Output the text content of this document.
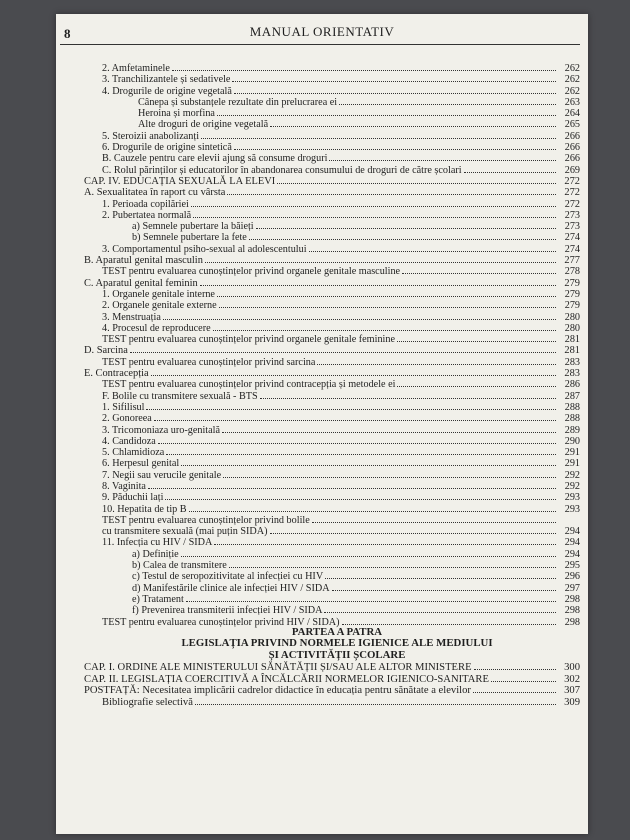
8	MANUAL ORIENTATIV
2. Amfetaminele	262
3. Tranchilizantele și sedativele	262
4. Drogurile de origine vegetală	262
Cânepa și substanțele rezultate din prelucrarea ei	263
Heroina și morfina	264
Alte droguri de origine vegetală	265
5. Steroizii anabolizanți	266
6. Drogurile de origine sintetică	266
B. Cauzele pentru care elevii ajung să consume droguri	266
C. Rolul părinților și educatorilor în abandonarea consumului de droguri de către școlari	269
CAP. IV. EDUCAȚIA SEXUALĂ LA ELEVI	272
A. Sexualitatea în raport cu vârsta	272
1. Perioada copilăriei	272
2. Pubertatea normală	273
a) Semnele pubertare la băieți	273
b) Semnele pubertare la fete	274
3. Comportamentul psiho-sexual al adolescentului	274
B. Aparatul genital masculin	277
TEST pentru evaluarea cunoștințelor privind organele genitale masculine	278
C. Aparatul genital feminin	279
1. Organele genitale interne	279
2. Organele genitale externe	279
3. Menstruația	280
4. Procesul de reproducere	280
TEST pentru evaluarea cunoștințelor privind organele genitale feminine	281
D. Sarcina	281
TEST pentru evaluarea cunoștințelor privind sarcina	283
E. Contracepția	283
TEST pentru evaluarea cunoștințelor privind contracepția și metodele ei	286
F. Bolile cu transmitere sexuală - BTS	287
1. Sifilisul	288
2. Gonoreea	288
3. Tricomoniaza uro-genitală	289
4. Candidoza	290
5. Chlamidioza	291
6. Herpesul genital	291
7. Negii sau verucile genitale	292
8. Vaginita	292
9. Păduchii lați	293
10. Hepatita de tip B	293
TEST pentru evaluarea cunoștințelor privind bolile
cu transmitere sexuală (mai puțin SIDA)	294
11. Infecția cu HIV / SIDA	294
a) Definiție	294
b) Calea de transmitere	295
c) Testul de seropozitivitate al infecției cu HIV	296
d) Manifestările clinice ale infecției HIV / SIDA	297
e) Tratament	298
f) Prevenirea transmiterii infecției HIV / SIDA	298
TEST pentru evaluarea cunoștințelor privind HIV / SIDA)	298
PARTEA A PATRA
LEGISLAȚIA PRIVIND NORMELE IGIENICE ALE MEDIULUI
ȘI ACTIVITĂȚII ȘCOLARE
CAP. I. ORDINE ALE MINISTERULUI SĂNĂTĂȚII ȘI/SAU ALE ALTOR MINISTERE	300
CAP. II. LEGISLAȚIA COERCITIVĂ A ÎNCĂLCĂRII NORMELOR IGIENICO-SANITARE	302
POSTFAȚĂ: Necesitatea implicării cadrelor didactice în educația pentru sănătate a elevilor	307
Bibliografie selectivă	309
